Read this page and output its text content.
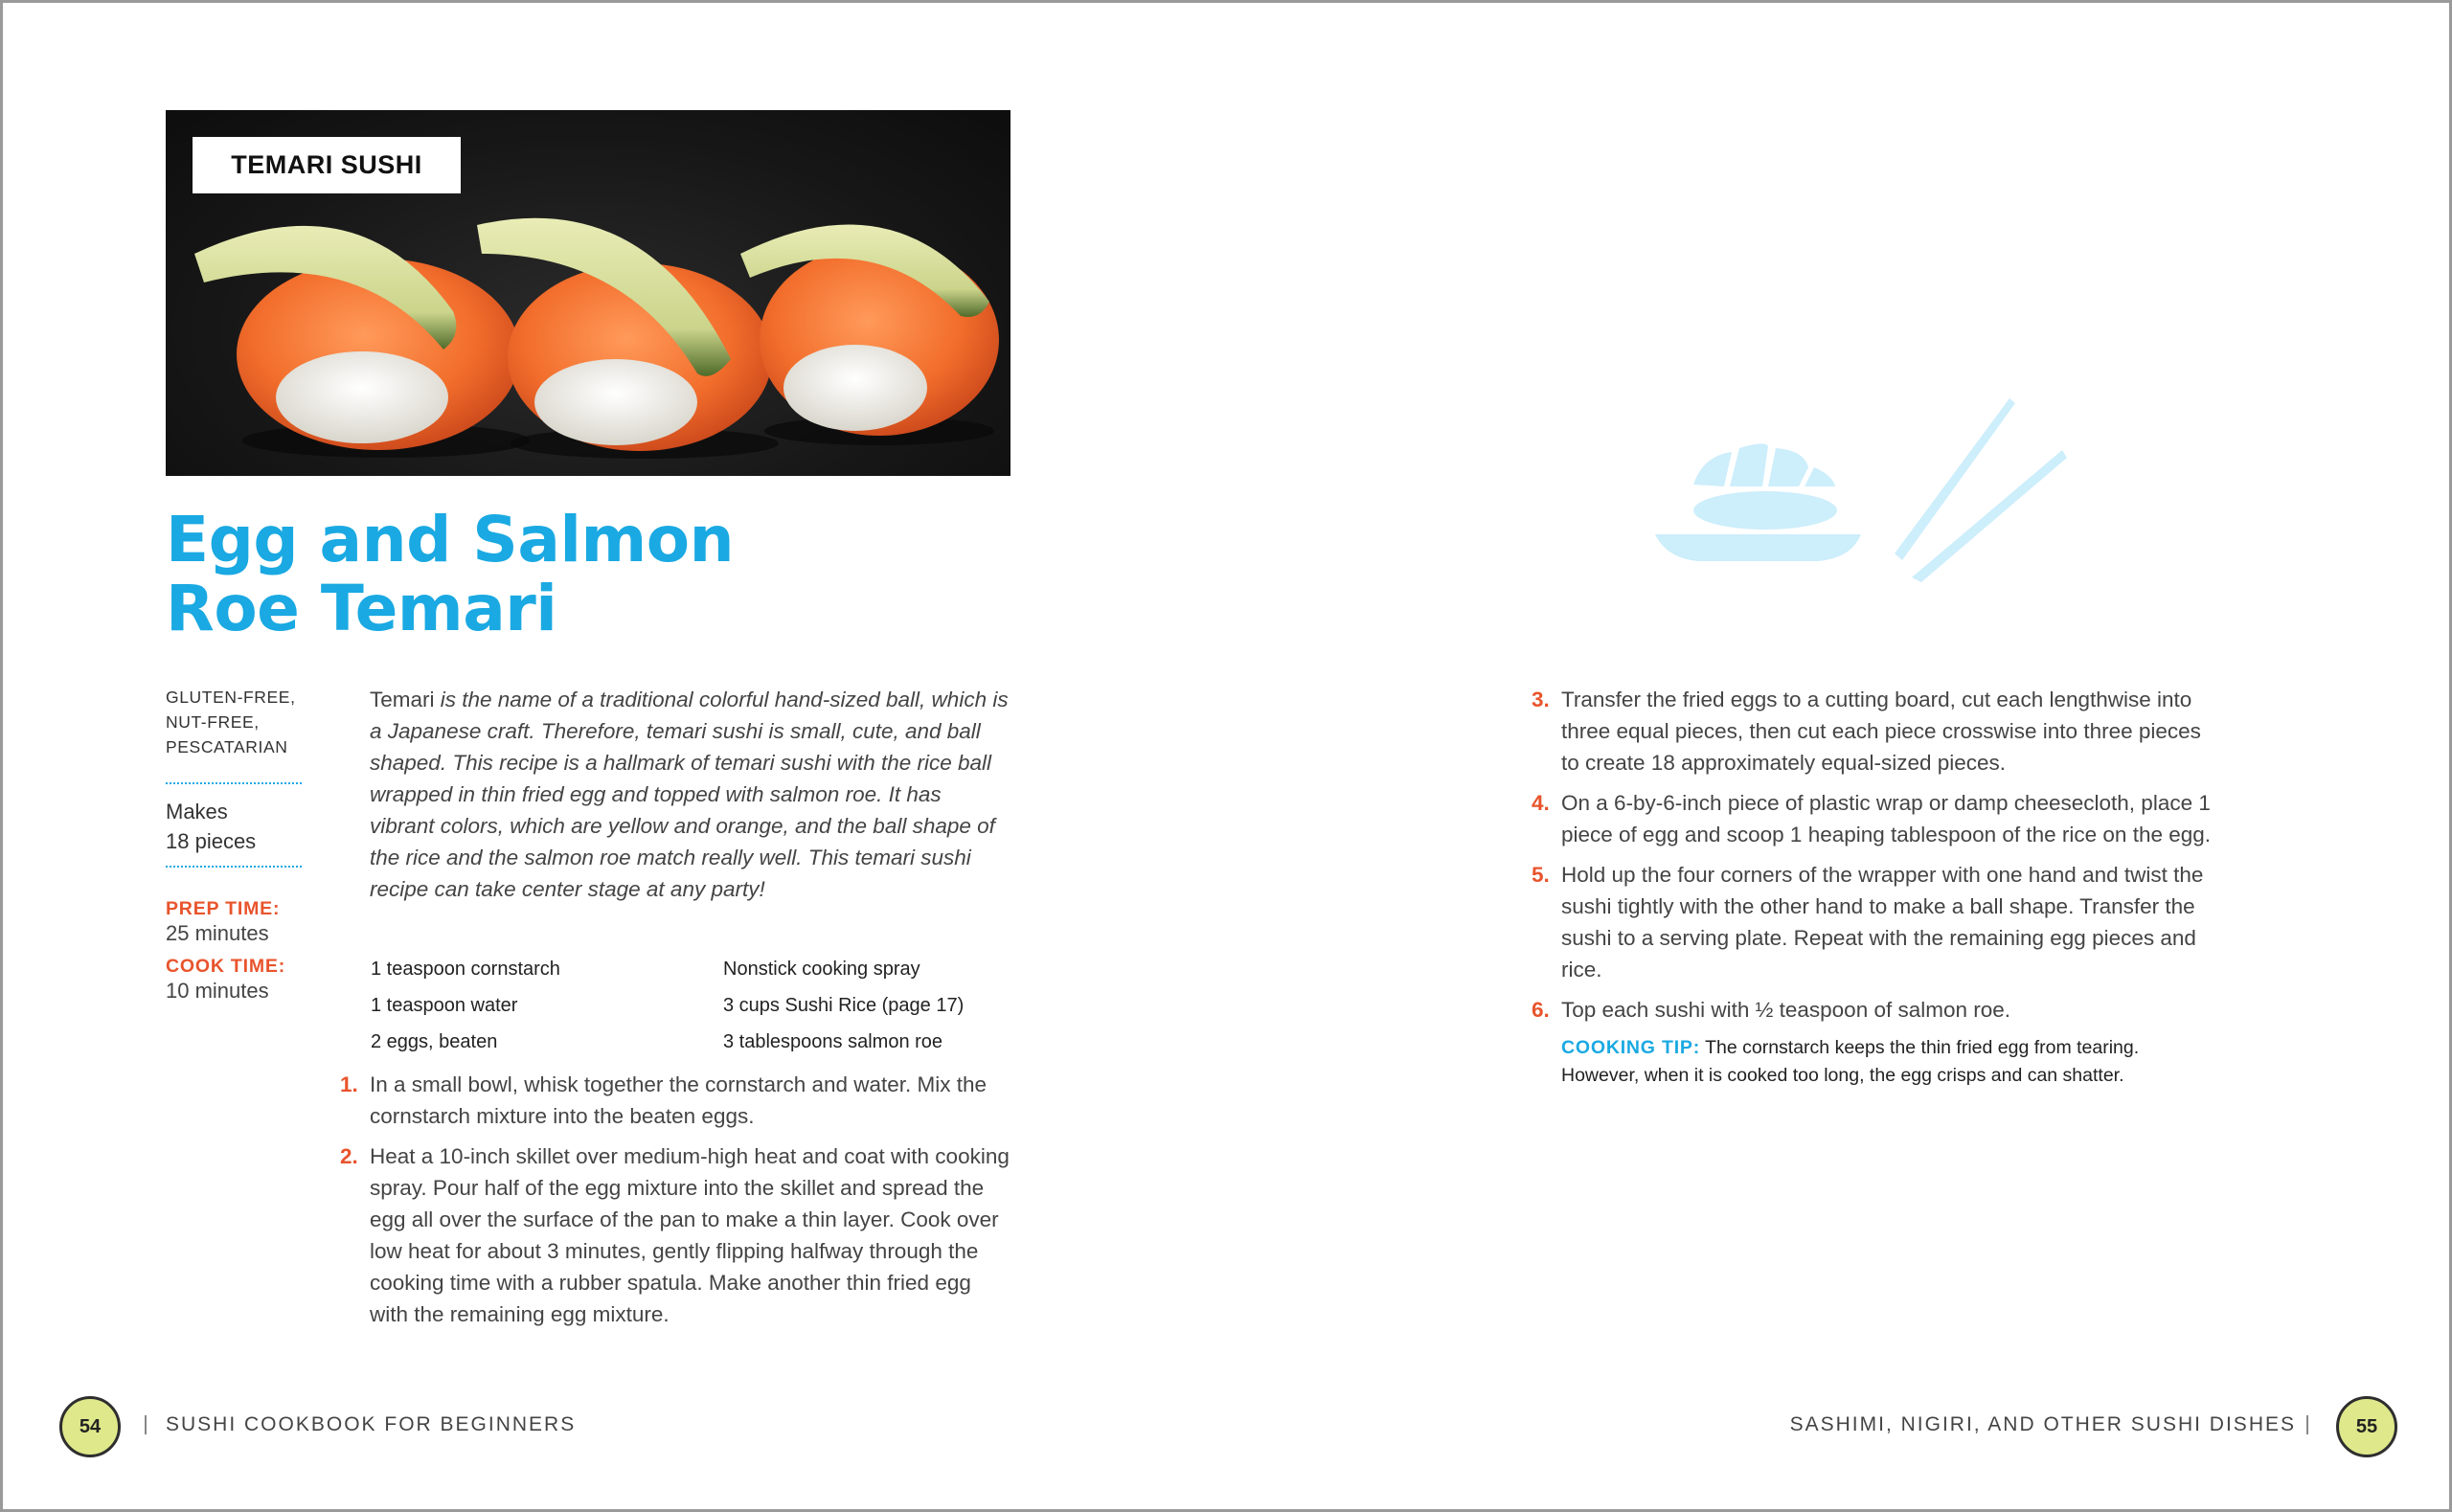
TEMARI SUSHI
Egg and Salmon
Roe Temari
GLUTEN-FREE,
NUT-FREE,
PESCATARIAN
Makes
18 pieces
PREP TIME:
25 minutes
COOK TIME:
10 minutes

Temari is the name of a traditional colorful hand-sized ball, which is a Japanese craft. Therefore, temari sushi is small, cute, and ball shaped. This recipe is a hallmark of temari sushi with the rice ball wrapped in thin fried egg and topped with salmon roe. It has vibrant colors, which are yellow and orange, and the ball shape of the rice and the salmon roe match really well. This temari sushi recipe can take center stage at any party!

1 teaspoon cornstarch
1 teaspoon water
2 eggs, beaten
Nonstick cooking spray
3 cups Sushi Rice (page 17)
3 tablespoons salmon roe
1. In a small bowl, whisk together the cornstarch and water. Mix the cornstarch mixture into the beaten eggs.
2. Heat a 10-inch skillet over medium-high heat and coat with cooking spray. Pour half of the egg mixture into the skillet and spread the egg all over the surface of the pan to make a thin layer. Cook over low heat for about 3 minutes, gently flipping halfway through the cooking time with a rubber spatula. Make another thin fried egg with the remaining egg mixture.
54	SUSHI COOKBOOK FOR BEGINNERS
3. Transfer the fried eggs to a cutting board, cut each lengthwise into three equal pieces, then cut each piece crosswise into three pieces to create 18 approximately equal-sized pieces.
4. On a 6-by-6-inch piece of plastic wrap or damp cheesecloth, place 1 piece of egg and scoop 1 heaping tablespoon of the rice on the egg.
5. Hold up the four corners of the wrapper with one hand and twist the sushi tightly with the other hand to make a ball shape. Transfer the sushi to a serving plate. Repeat with the remaining egg pieces and rice.
6. Top each sushi with ½ teaspoon of salmon roe.
COOKING TIP: The cornstarch keeps the thin fried egg from tearing. However, when it is cooked too long, the egg crisps and can shatter.
SASHIMI, NIGIRI, AND OTHER SUSHI DISHES	55
